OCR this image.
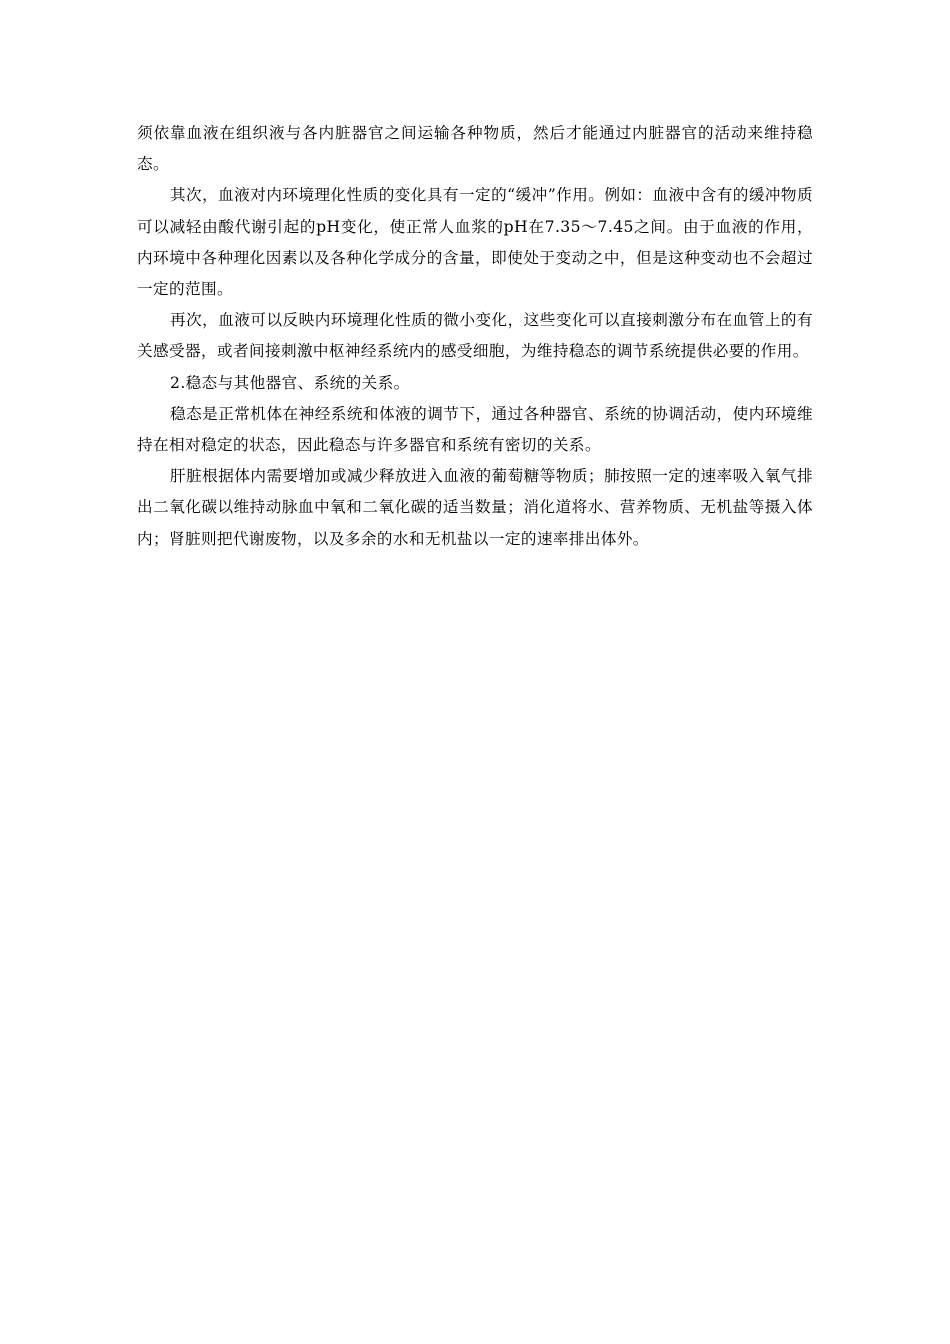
须依靠血液在组织液与各内脏器官之间运输各种物质，然后才能通过内脏器官的活动来维持稳态。

其次，血液对内环境理化性质的变化具有一定的“缓冲”作用。例如：血液中含有的缓冲物质可以减轻由酸代谢引起的pH变化，使正常人血浆的pH在7.35～7.45之间。由于血液的作用，内环境中各种理化因素以及各种化学成分的含量，即使处于变动之中，但是这种变动也不会超过一定的范围。

再次，血液可以反映内环境理化性质的微小变化，这些变化可以直接刺激分布在血管上的有关感受器，或者间接刺激中枢神经系统内的感受细胞，为维持稳态的调节系统提供必要的作用。

2.稳态与其他器官、系统的关系。

稳态是正常机体在神经系统和体液的调节下，通过各种器官、系统的协调活动，使内环境维持在相对稳定的状态，因此稳态与许多器官和系统有密切的关系。

肝脏根据体内需要增加或减少释放进入血液的葡萄糖等物质；肺按照一定的速率吸入氧气排出二氧化碳以维持动脉血中氧和二氧化碳的适当数量；消化道将水、营养物质、无机盐等摄入体内；肾脏则把代谢废物，以及多余的水和无机盐以一定的速率排出体外。
